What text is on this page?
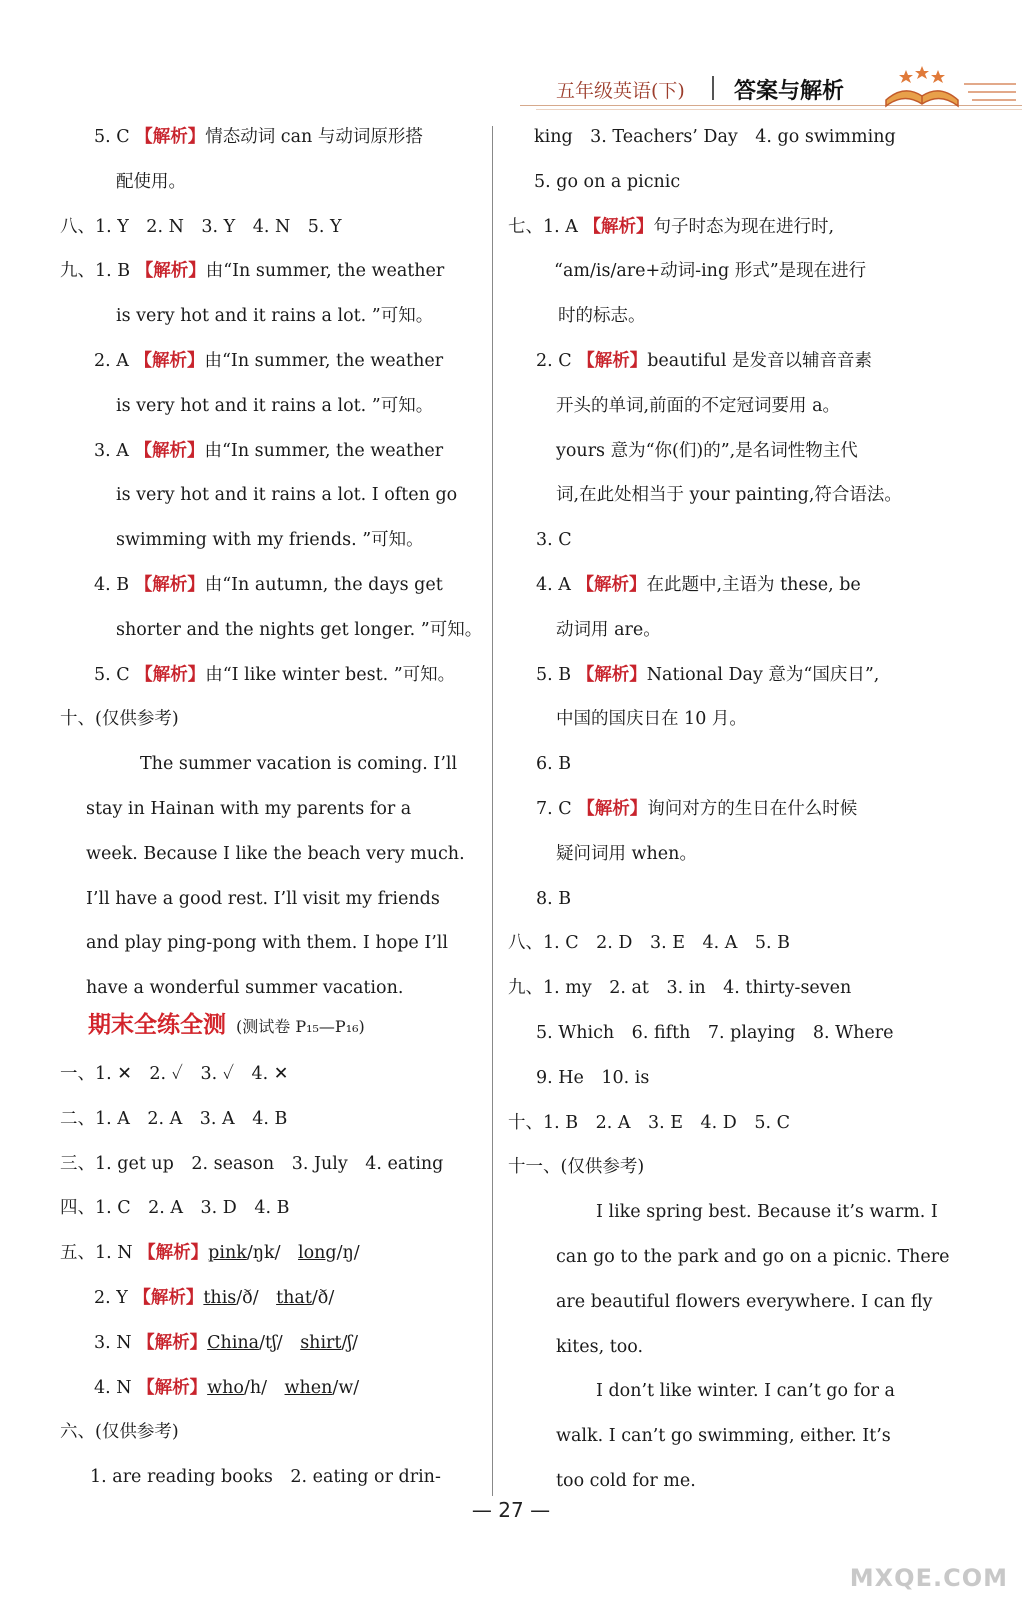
五年级英语(下) 答案与解析
5. C 【解析】情态动词 can 与动词原形搭
配使用。
八、1. Y　2. N　3. Y　4. N　5. Y
九、1. B 【解析】由“In summer, the weather
is very hot and it rains a lot. ”可知。
2. A 【解析】由“In summer, the weather
is very hot and it rains a lot. ”可知。
3. A 【解析】由“In summer, the weather
is very hot and it rains a lot. I often go
swimming with my friends. ”可知。
4. B 【解析】由“In autumn, the days get
shorter and the nights get longer. ”可知。
5. C 【解析】由“I like winter best. ”可知。
十、(仅供参考)
The summer vacation is coming. I’ll
stay in Hainan with my parents for a
week. Because I like the beach very much.
I’ll have a good rest. I’ll visit my friends
and play ping-pong with them. I hope I’ll
have a wonderful summer vacation.
期末全练全测 (测试卷 P₁₅—P₁₆)
一、1. ✕　2. ✓　3. ✓　4. ✕
二、1. A　2. A　3. A　4. B
三、1. get up　2. season　3. July　4. eating
四、1. C　2. A　3. D　4. B
五、1. N 【解析】pink/ŋk/　 long/ŋ/
2. Y 【解析】this/ð/　 that/ð/
3. N 【解析】China/tʃ/　 shirt/ʃ/
4. N 【解析】who/h/　 when/w/
六、(仅供参考)
1. are reading books　2. eating or drin-
king　3. Teachers’ Day　4. go swimming
5. go on a picnic
七、1. A 【解析】句子时态为现在进行时,
“am/is/are+动词-ing 形式”是现在进行
时的标志。
2. C 【解析】beautiful 是发音以辅音音素
开头的单词,前面的不定冠词要用 a。
yours 意为“你(们)的”,是名词性物主代
词,在此处相当于 your painting,符合语法。
3. C
4. A 【解析】在此题中,主语为 these, be
动词用 are。
5. B 【解析】National Day 意为“国庆日”,
中国的国庆日在 10 月。
6. B
7. C 【解析】询问对方的生日在什么时候
疑问词用 when。
8. B
八、1. C　2. D　3. E　4. A　5. B
九、1. my　2. at　3. in　4. thirty-seven
5. Which　6. fifth　7. playing　8. Where
9. He　10. is
十、1. B　2. A　3. E　4. D　5. C
十一、(仅供参考)
I like spring best. Because it’s warm. I
can go to the park and go on a picnic. There
are beautiful flowers everywhere. I can fly
kites, too.
I don’t like winter. I can’t go for a
walk. I can’t go swimming, either. It’s
too cold for me.
— 27 —
MXQE.COM
